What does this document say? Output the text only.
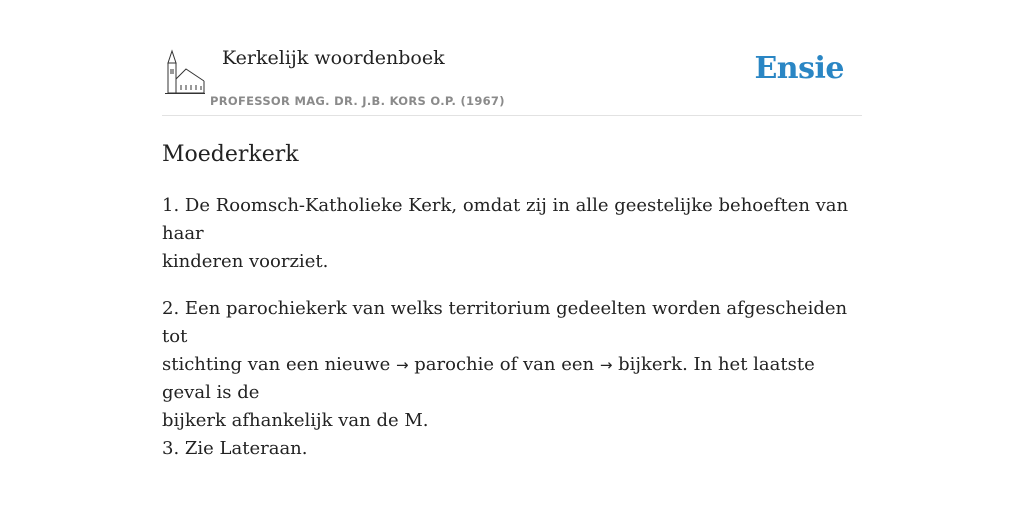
Kerkelijk woordenboek
PROFESSOR MAG. DR. J.B. KORS O.P. (1967)
Ensie
Moederkerk

1. De Roomsch-Katholieke Kerk, omdat zij in alle geestelijke behoeften van haar
kinderen voorziet.

2. Een parochiekerk van welks territorium gedeelten worden afgescheiden tot
stichting van een nieuwe → parochie of van een → bijkerk. In het laatste geval is de
bijkerk afhankelijk van de M.
3. Zie Lateraan.
